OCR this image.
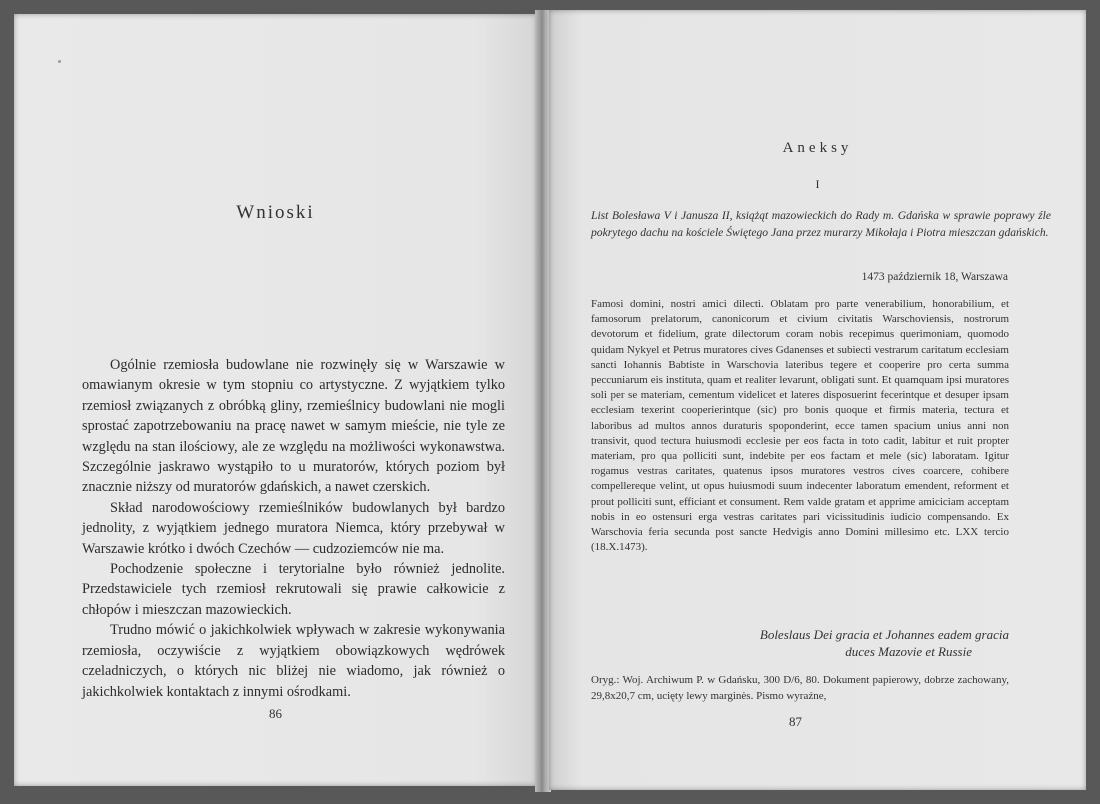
Wnioski

Ogólnie rzemiosła budowlane nie rozwinęły się w Warszawie w omawianym okresie w tym stopniu co artystyczne. Z wyjątkiem tylko rzemiosł związanych z obróbką gliny, rzemieślnicy budowlani nie mogli sprostać zapotrzebowaniu na pracę nawet w samym mieście, nie tyle ze względu na stan ilościowy, ale ze względu na możliwości wykonawstwa. Szczególnie jaskrawo wystąpiło to u muratorów, których poziom był znacznie niższy od muratorów gdańskich, a nawet czerskich.

Skład narodowościowy rzemieślników budowlanych był bardzo jednolity, z wyjątkiem jednego muratora Niemca, który przebywał w Warszawie krótko i dwóch Czechów — cudzoziemców nie ma.

Pochodzenie społeczne i terytorialne było również jednolite. Przedstawiciele tych rzemiosł rekrutowali się prawie całkowicie z chłopów i mieszczan mazowieckich.

Trudno mówić o jakichkolwiek wpływach w zakresie wykonywania rzemiosła, oczywiście z wyjątkiem obowiązkowych wędrówek czeladniczych, o których nic bliżej nie wiadomo, jak również o jakichkolwiek kontaktach z innymi ośrodkami.

86
Aneksy
I
List Bolesława V i Janusza II, książąt mazowieckich do Rady m. Gdańska w sprawie poprawy źle pokrytego dachu na kościele Świętego Jana przez murarzy Mikołaja i Piotra mieszczan gdańskich.
1473 październik 18, Warszawa

Famosi domini, nostri amici dilecti. Oblatam pro parte venerabilium, honorabilium, et famosorum prelatorum, canonicorum et civium civitatis Warschoviensis, nostrorum devotorum et fidelium, grate dilectorum coram nobis recepimus querimoniam, quomodo quidam Nykyel et Petrus muratores cives Gdanenses et subiecti vestrarum caritatum ecclesiam sancti Iohannis Babtiste in Warschovia lateribus tegere et cooperire pro certa summa peccuniarum eis instituta, quam et realiter levarunt, obligati sunt. Et quamquam ipsi muratores soli per se materiam, cementum videlicet et lateres disposuerint fecerintque et desuper ipsam ecclesiam texerint cooperierintque (sic) pro bonis quoque et firmis materia, tectura et laboribus ad multos annos duraturis spoponderint, ecce tamen spacium unius anni non transivit, quod tectura huiusmodi ecclesie per eos facta in toto cadit, labitur et ruit propter materiam, pro qua polliciti sunt, indebite per eos factam et mele (sic) laboratam. Igitur rogamus vestras caritates, quatenus ipsos muratores vestros cives coarcere, cohibere compellereque velint, ut opus huiusmodi suum indecenter laboratum emendent, reforment et prout polliciti sunt, efficiant et consument. Rem valde gratam et apprime amiciciam acceptam nobis in eo ostensuri erga vestras caritates pari vicissitudinis iudicio compensando. Ex Warschovia feria secunda post sancte Hedvigis anno Domini millesimo etc. LXX tercio (18.X.1473).

Boleslaus Dei gracia et Johannes eadem gracia
duces Mazovie et Russie

Oryg.: Woj. Archiwum P. w Gdańsku, 300 D/6, 80. Dokument papierowy, dobrze zachowany, 29,8x20,7 cm, ucięty lewy marginės. Pismo wyraźne,

87
